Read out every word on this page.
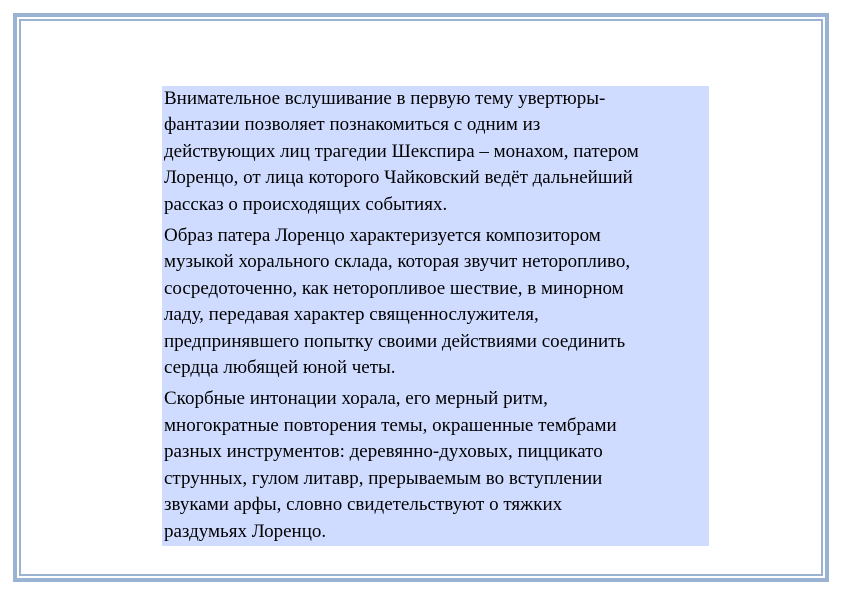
Внимательное вслушивание в первую тему увертюры-
фантазии позволяет познакомиться с одним из
действующих лиц трагедии Шекспира – монахом, патером
Лоренцо, от лица которого Чайковский ведёт дальнейший
рассказ о происходящих событиях.

Образ патера Лоренцо характеризуется композитором
музыкой хорального склада, которая звучит неторопливо,
сосредоточенно, как неторопливое шествие, в минорном
ладу, передавая характер священнослужителя,
предпринявшего попытку своими действиями соединить
сердца любящей юной четы.

Скорбные интонации хорала, его мерный ритм,
многократные повторения темы, окрашенные тембрами
разных инструментов: деревянно-духовых, пиццикато
струнных, гулом литавр, прерываемым во вступлении
звуками арфы, словно свидетельствуют о тяжких
раздумьях Лоренцо.
